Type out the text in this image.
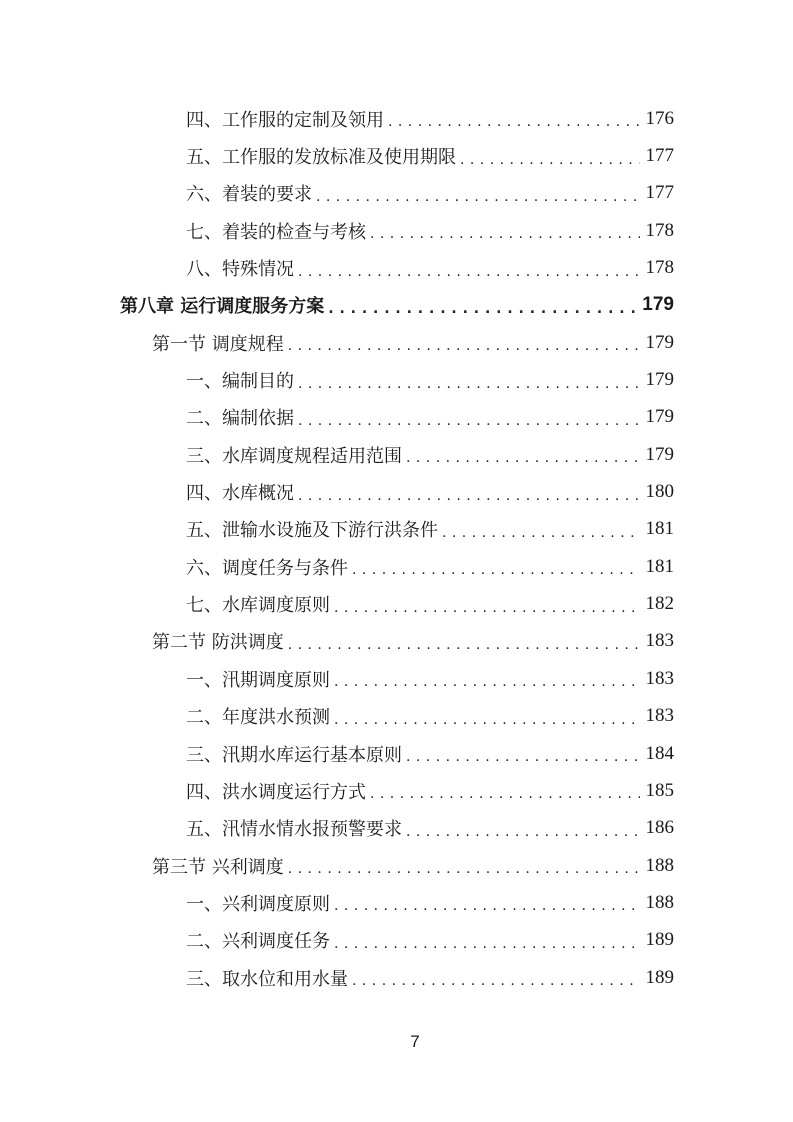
四、工作服的定制及领用 . . .	176
五、工作服的发放标准及使用期限 . . .	177
六、着装的要求 . . .	177
七、着装的检查与考核 . . .	178
八、特殊情况 . . .	178
第八章 运行调度服务方案 . . .	179
第一节 调度规程 . . .	179
一、编制目的 . . .	179
二、编制依据 . . .	179
三、水库调度规程适用范围 . . .	179
四、水库概况 . . .	180
五、泄输水设施及下游行洪条件 . . .	181
六、调度任务与条件 . . .	181
七、水库调度原则 . . .	182
第二节 防洪调度 . . .	183
一、汛期调度原则 . . .	183
二、年度洪水预测 . . .	183
三、汛期水库运行基本原则 . . .	184
四、洪水调度运行方式 . . .	185
五、汛情水情水报预警要求 . . .	186
第三节 兴利调度 . . .	188
一、兴利调度原则 . . .	188
二、兴利调度任务 . . .	189
三、取水位和用水量 . . .	189
7
